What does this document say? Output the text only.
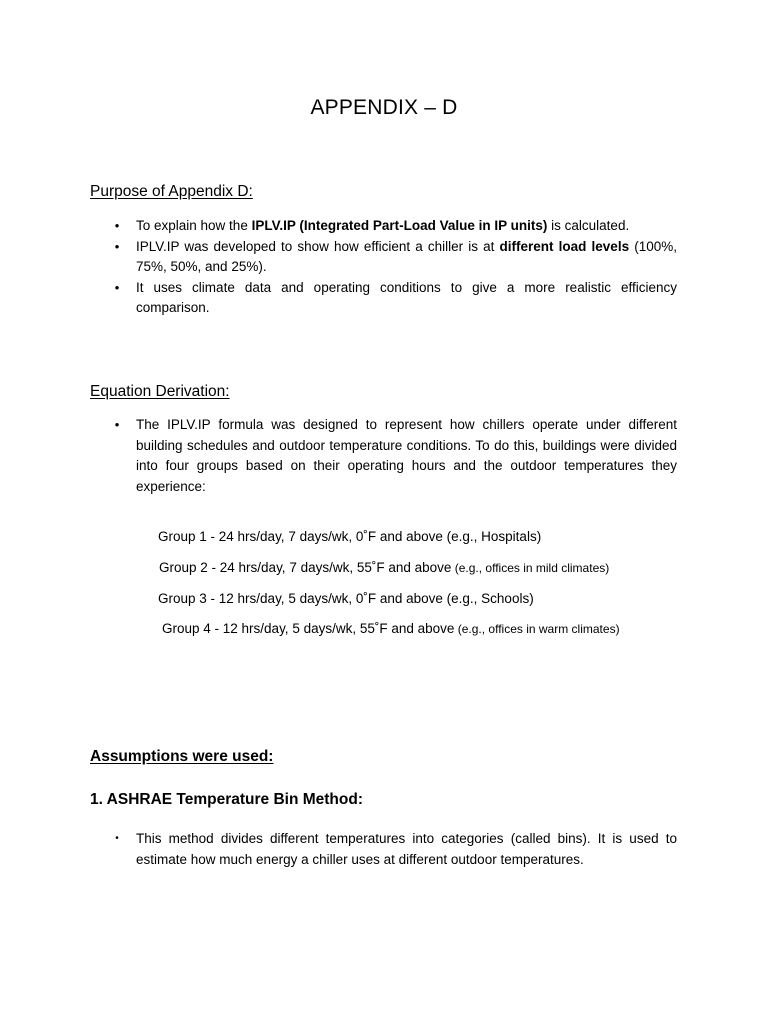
APPENDIX – D
Purpose of Appendix D:
• To explain how the IPLV.IP (Integrated Part-Load Value in IP units) is calculated.
• IPLV.IP was developed to show how efficient a chiller is at different load levels (100%, 75%, 50%, and 25%).
• It uses climate data and operating conditions to give a more realistic efficiency comparison.
Equation Derivation:
• The IPLV.IP formula was designed to represent how chillers operate under different building schedules and outdoor temperature conditions. To do this, buildings were divided into four groups based on their operating hours and the outdoor temperatures they experience:
Group 1 - 24 hrs/day, 7 days/wk, 0˚F and above (e.g., Hospitals)
Group 2 - 24 hrs/day, 7 days/wk, 55˚F and above (e.g., offices in mild climates)
Group 3 - 12 hrs/day, 5 days/wk, 0˚F and above (e.g., Schools)
Group 4 - 12 hrs/day, 5 days/wk, 55˚F and above (e.g., offices in warm climates)
Assumptions were used:
1. ASHRAE Temperature Bin Method:
• This method divides different temperatures into categories (called bins). It is used to estimate how much energy a chiller uses at different outdoor temperatures.
